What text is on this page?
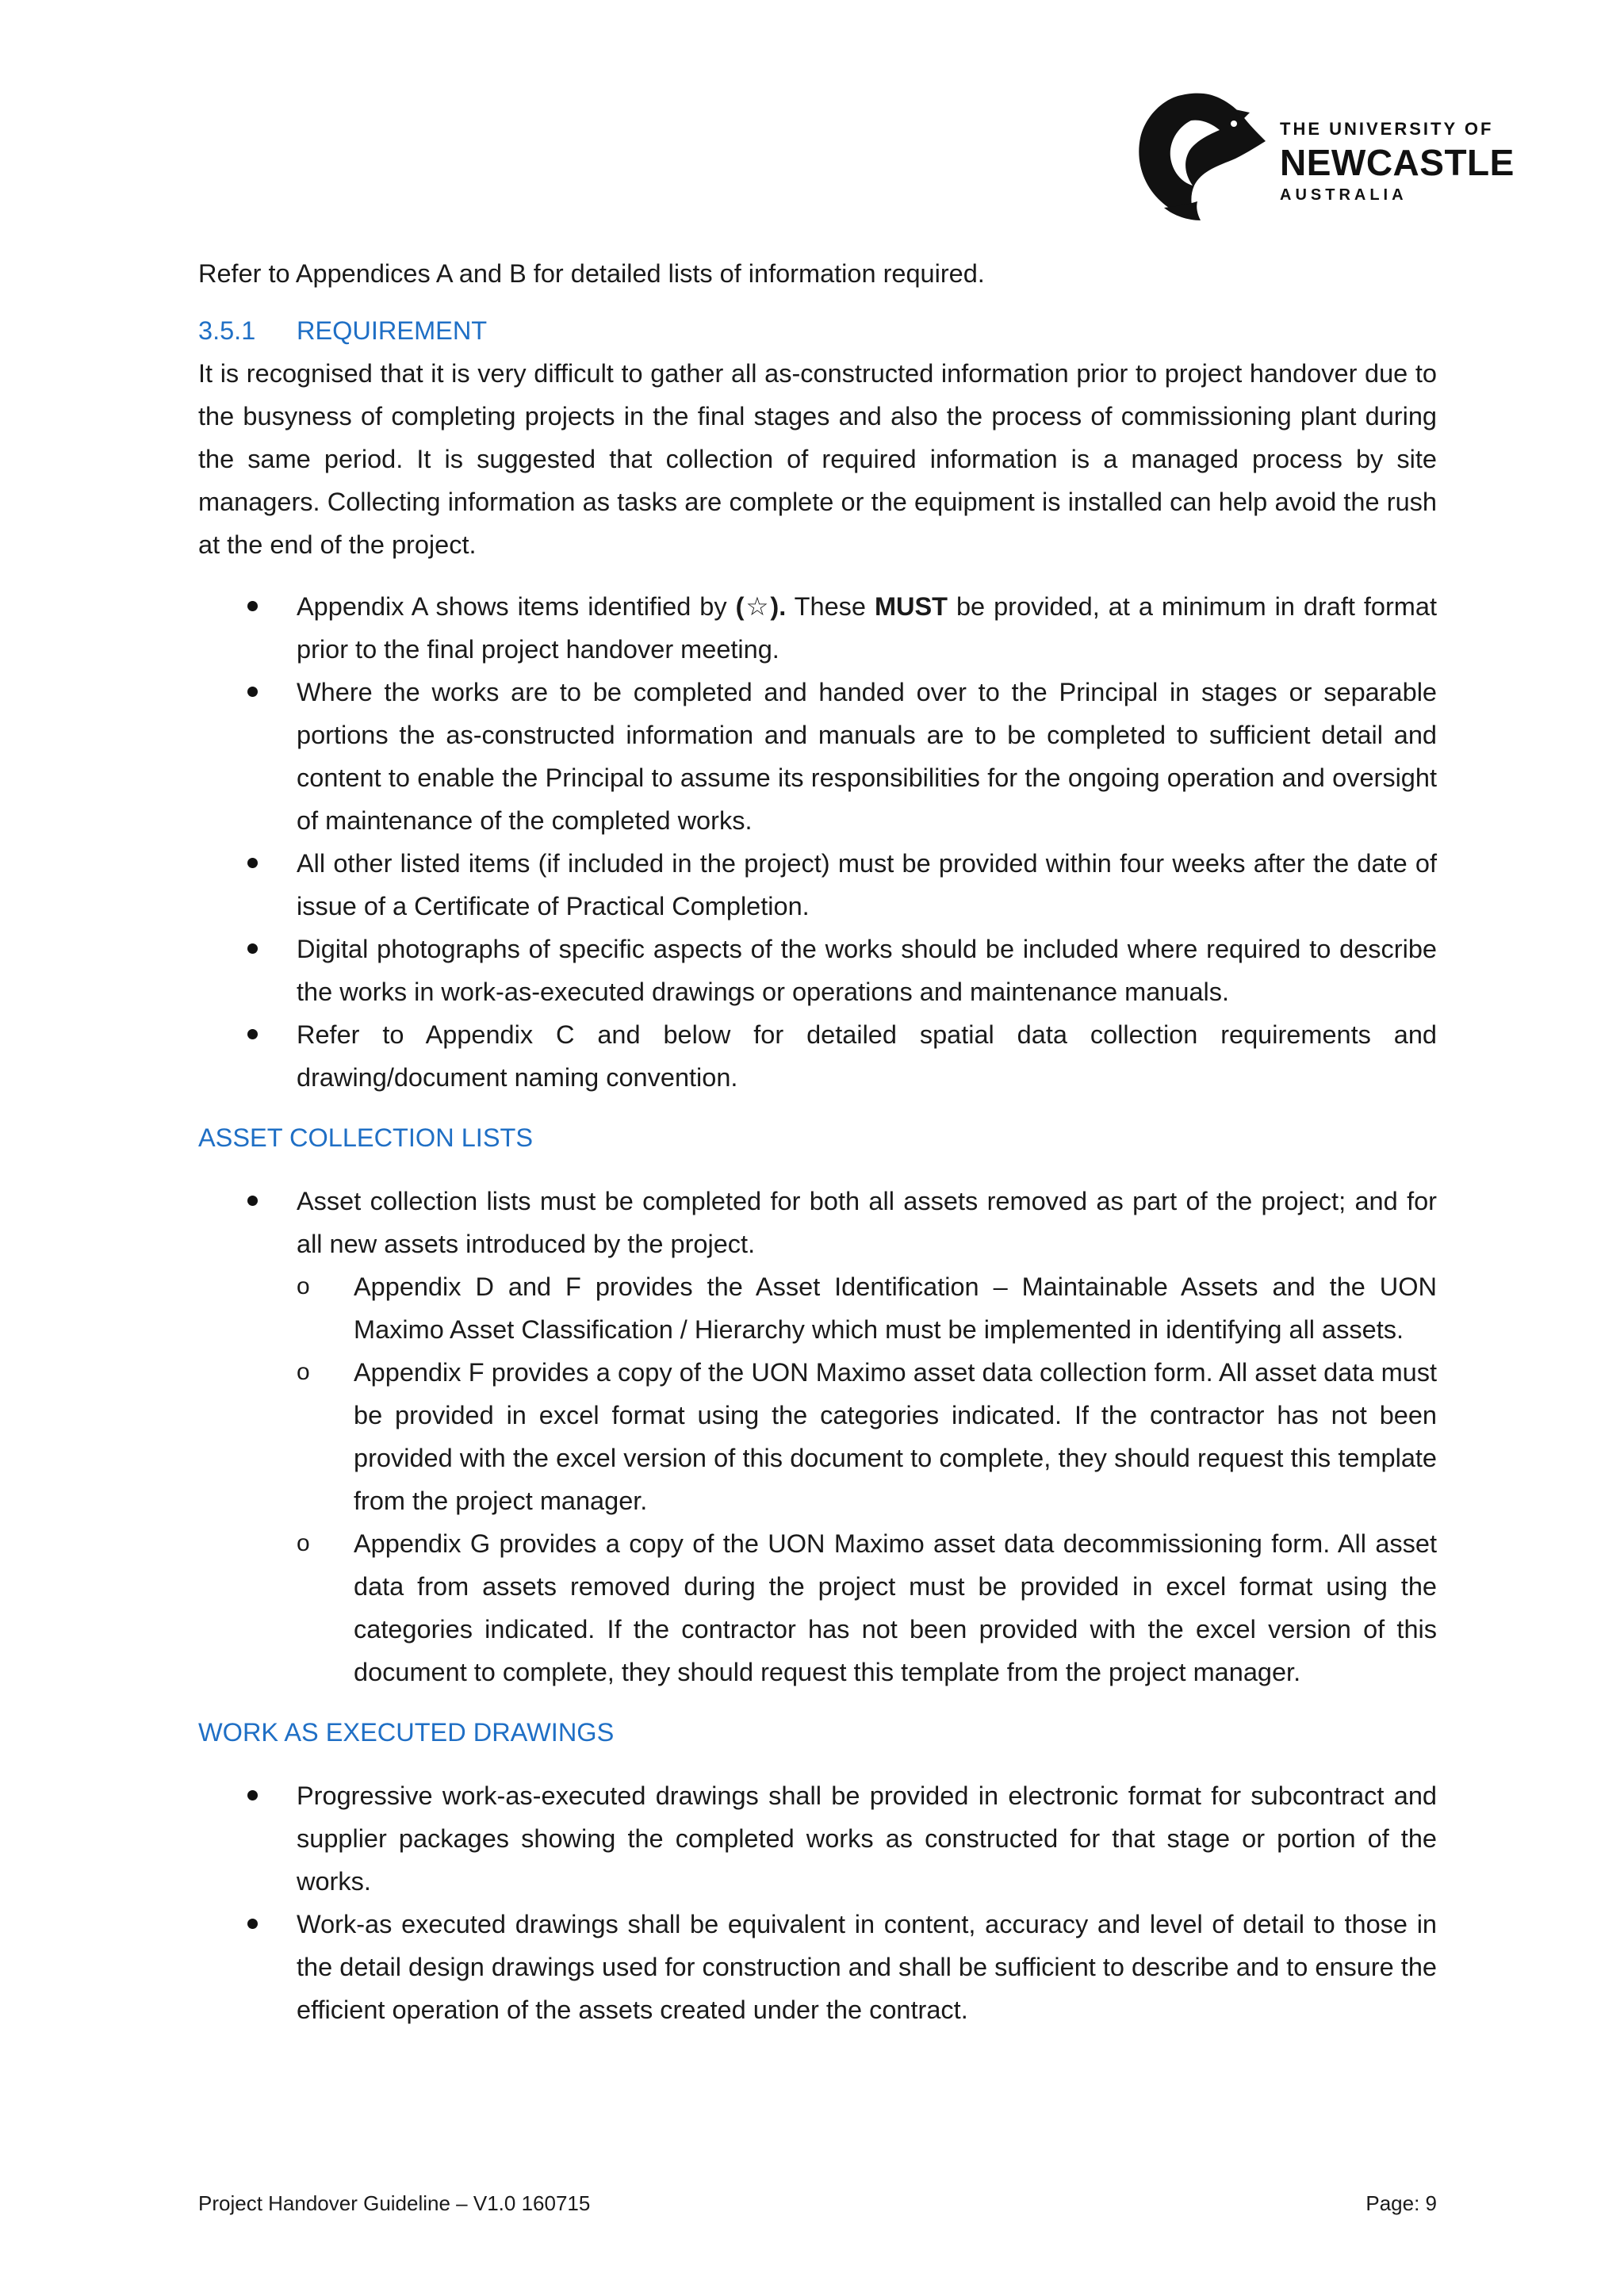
THE UNIVERSITY OF
NEWCASTLE
AUSTRALIA

Refer to Appendices A and B for detailed lists of information required.

3.5.1 REQUIREMENT

It is recognised that it is very difficult to gather all as-constructed information prior to project handover due to the busyness of completing projects in the final stages and also the process of commissioning plant during the same period. It is suggested that collection of required information is a managed process by site managers. Collecting information as tasks are complete or the equipment is installed can help avoid the rush at the end of the project.

Appendix A shows items identified by (☆). These MUST be provided, at a minimum in draft format prior to the final project handover meeting.
Where the works are to be completed and handed over to the Principal in stages or separable portions the as-constructed information and manuals are to be completed to sufficient detail and content to enable the Principal to assume its responsibilities for the ongoing operation and oversight of maintenance of the completed works.
All other listed items (if included in the project) must be provided within four weeks after the date of issue of a Certificate of Practical Completion.
Digital photographs of specific aspects of the works should be included where required to describe the works in work-as-executed drawings or operations and maintenance manuals.
Refer to Appendix C and below for detailed spatial data collection requirements and drawing/document naming convention.

ASSET COLLECTION LISTS

Asset collection lists must be completed for both all assets removed as part of the project; and for all new assets introduced by the project.
o Appendix D and F provides the Asset Identification – Maintainable Assets and the UON Maximo Asset Classification / Hierarchy which must be implemented in identifying all assets.
o Appendix F provides a copy of the UON Maximo asset data collection form. All asset data must be provided in excel format using the categories indicated. If the contractor has not been provided with the excel version of this document to complete, they should request this template from the project manager.
o Appendix G provides a copy of the UON Maximo asset data decommissioning form. All asset data from assets removed during the project must be provided in excel format using the categories indicated. If the contractor has not been provided with the excel version of this document to complete, they should request this template from the project manager.

WORK AS EXECUTED DRAWINGS

Progressive work-as-executed drawings shall be provided in electronic format for subcontract and supplier packages showing the completed works as constructed for that stage or portion of the works.
Work-as executed drawings shall be equivalent in content, accuracy and level of detail to those in the detail design drawings used for construction and shall be sufficient to describe and to ensure the efficient operation of the assets created under the contract.
Project Handover Guideline – V1.0 160715	Page: 9
